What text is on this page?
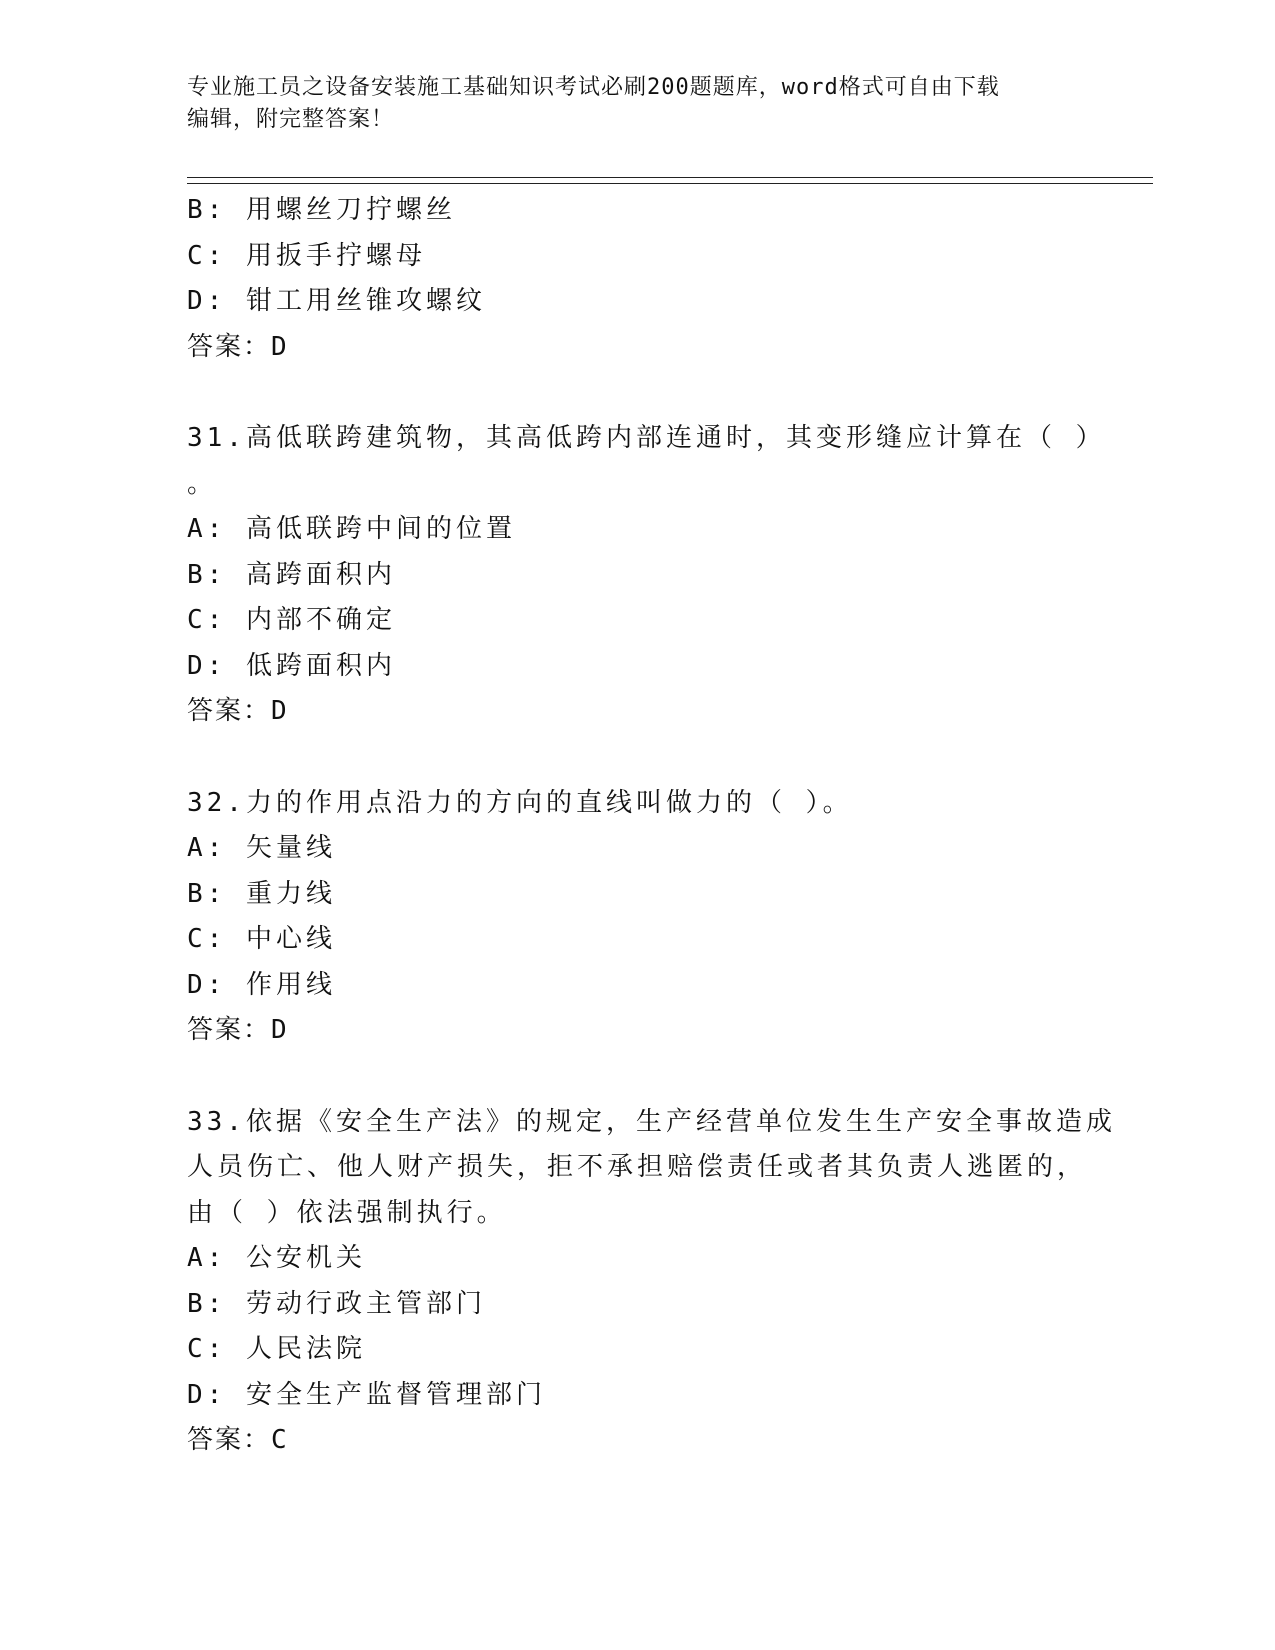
专业施工员之设备安装施工基础知识考试必刷200题题库，word格式可自由下载
编辑，附完整答案！
B: 用螺丝刀拧螺丝
C: 用扳手拧螺母
D: 钳工用丝锥攻螺纹
答案：D
31.高低联跨建筑物，其高低跨内部连通时，其变形缝应计算在（ ）
。
A: 高低联跨中间的位置
B: 高跨面积内
C: 内部不确定
D: 低跨面积内
答案：D
32.力的作用点沿力的方向的直线叫做力的（ ）。
A: 矢量线
B: 重力线
C: 中心线
D: 作用线
答案：D
33.依据《安全生产法》的规定，生产经营单位发生生产安全事故造成
人员伤亡、他人财产损失，拒不承担赔偿责任或者其负责人逃匿的，
由（ ）依法强制执行。
A: 公安机关
B: 劳动行政主管部门
C: 人民法院
D: 安全生产监督管理部门
答案：C
